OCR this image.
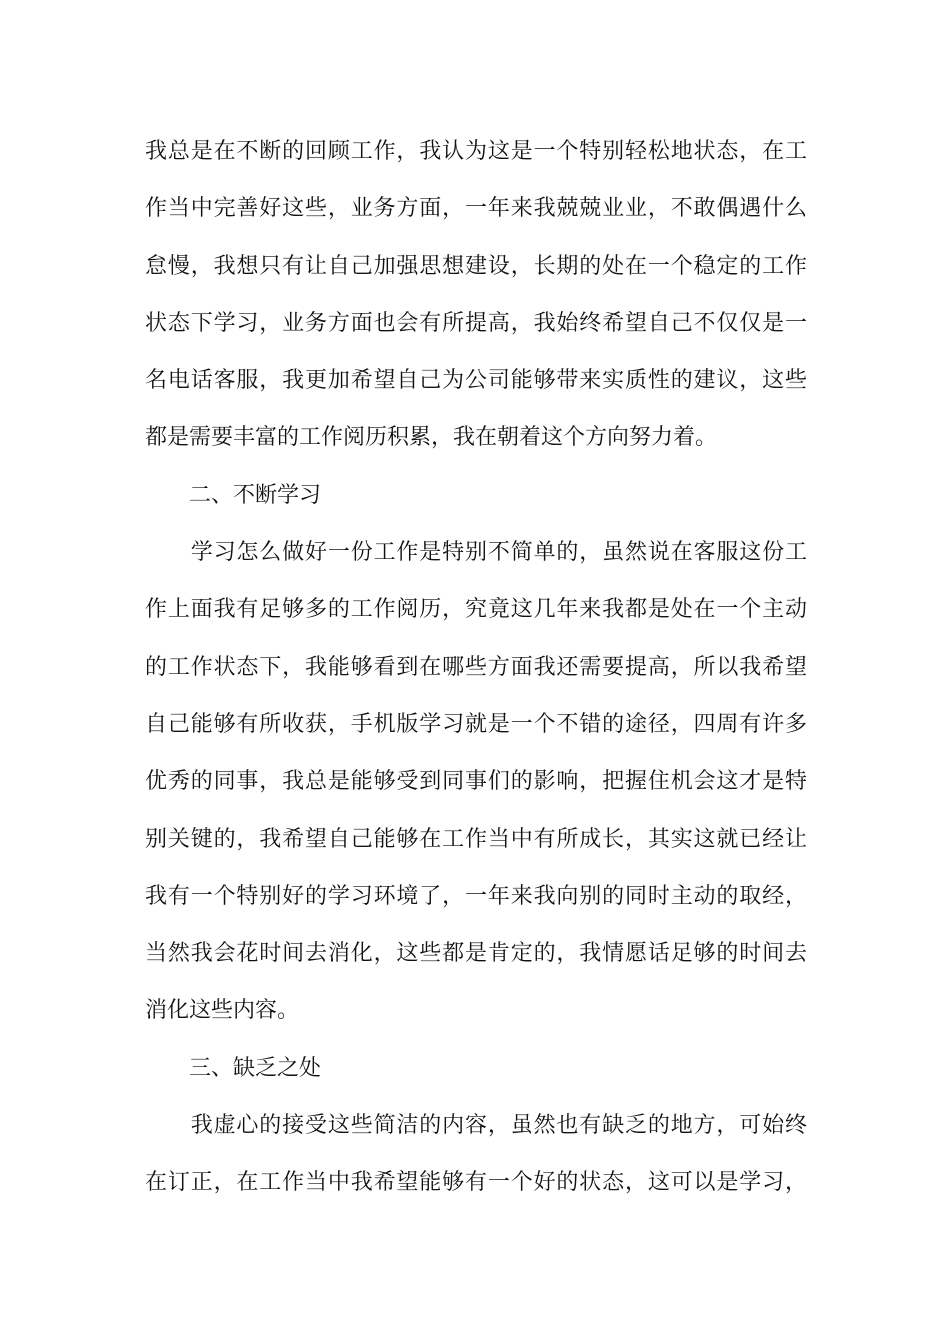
我总是在不断的回顾工作，我认为这是一个特别轻松地状态，在工
作当中完善好这些，业务方面，一年来我兢兢业业，不敢偶遇什么
怠慢，我想只有让自己加强思想建设，长期的处在一个稳定的工作
状态下学习，业务方面也会有所提高，我始终希望自己不仅仅是一
名电话客服，我更加希望自己为公司能够带来实质性的建议，这些
都是需要丰富的工作阅历积累，我在朝着这个方向努力着。
　　二、不断学习
　　学习怎么做好一份工作是特别不简单的，虽然说在客服这份工
作上面我有足够多的工作阅历，究竟这几年来我都是处在一个主动
的工作状态下，我能够看到在哪些方面我还需要提高，所以我希望
自己能够有所收获，手机版学习就是一个不错的途径，四周有许多
优秀的同事，我总是能够受到同事们的影响，把握住机会这才是特
别关键的，我希望自己能够在工作当中有所成长，其实这就已经让
我有一个特别好的学习环境了，一年来我向别的同时主动的取经，
当然我会花时间去消化，这些都是肯定的，我情愿话足够的时间去
消化这些内容。
　　三、缺乏之处
　　我虚心的接受这些简洁的内容，虽然也有缺乏的地方，可始终
在订正，在工作当中我希望能够有一个好的状态，这可以是学习，
